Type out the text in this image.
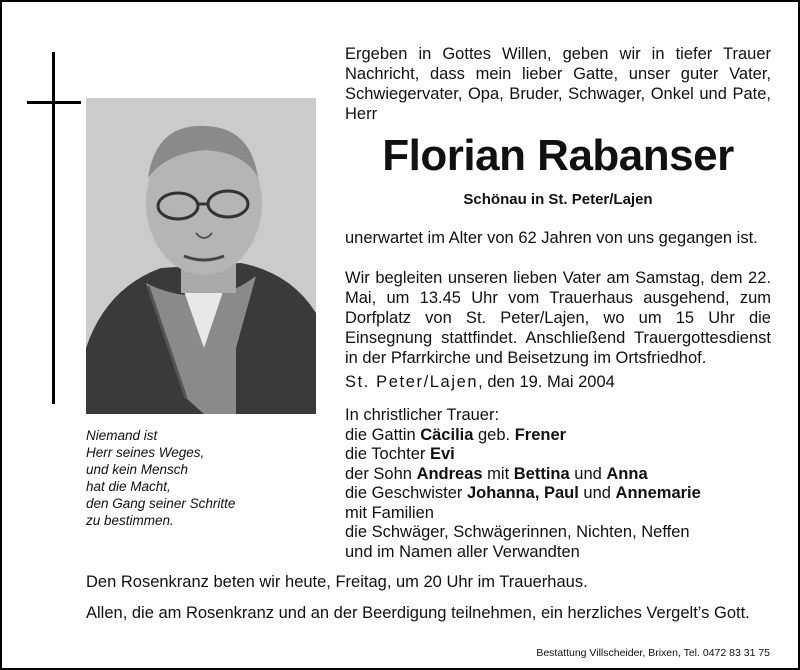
Niemand ist
Herr seines Weges,
und kein Mensch
hat die Macht,
den Gang seiner Schritte
zu bestimmen.
Ergeben in Gottes Willen, geben wir in tiefer Trauer Nachricht, dass mein lieber Gatte, unser guter Vater, Schwiegervater, Opa, Bruder, Schwager, Onkel und Pate, Herr
Florian Rabanser
Schönau in St. Peter/Lajen
unerwartet im Alter von 62 Jahren von uns gegangen ist.
Wir begleiten unseren lieben Vater am Samstag, dem 22. Mai, um 13.45 Uhr vom Trauerhaus ausgehend, zum Dorfplatz von St. Peter/Lajen, wo um 15 Uhr die Einsegnung stattfindet. Anschließend Trauergottesdienst in der Pfarrkirche und Beisetzung im Ortsfriedhof.
St. Peter/Lajen, den 19. Mai 2004
In christlicher Trauer:
die Gattin Cäcilia geb. Frener
die Tochter Evi
der Sohn Andreas mit Bettina und Anna
die Geschwister Johanna, Paul und Annemarie
mit Familien
die Schwäger, Schwägerinnen, Nichten, Neffen
und im Namen aller Verwandten
Den Rosenkranz beten wir heute, Freitag, um 20 Uhr im Trauerhaus.
Allen, die am Rosenkranz und an der Beerdigung teilnehmen, ein herzliches Vergelt’s Gott.
Bestattung Villscheider, Brixen, Tel. 0472 83 31 75
